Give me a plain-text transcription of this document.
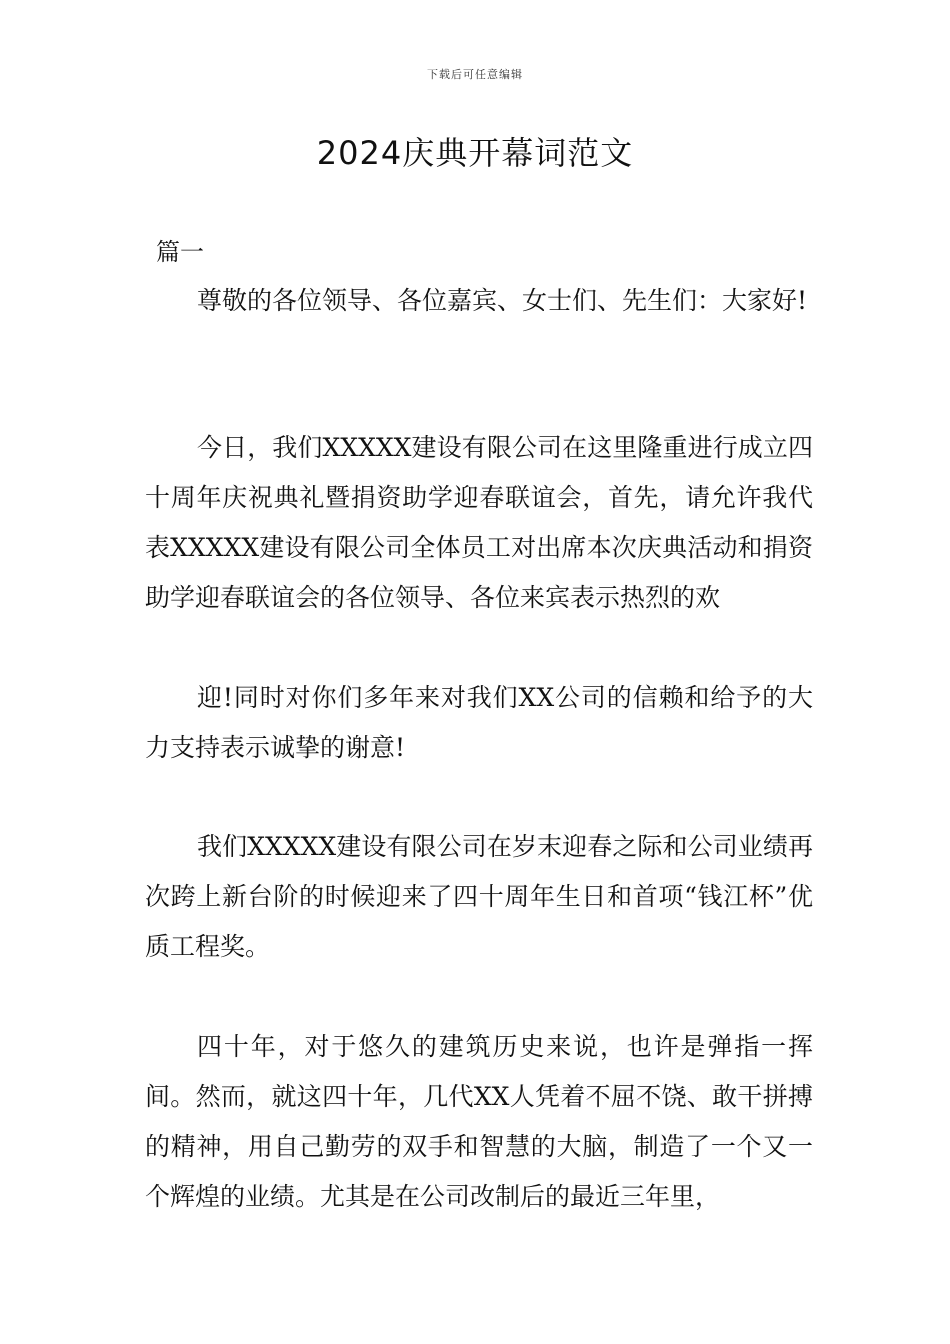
下载后可任意编辑
2024庆典开幕词范文
篇一

尊敬的各位领导、各位嘉宾、女士们、先生们：大家好!

今日，我们XXXXX建设有限公司在这里隆重进行成立四十周年庆祝典礼暨捐资助学迎春联谊会，首先，请允许我代表XXXXX建设有限公司全体员工对出席本次庆典活动和捐资助学迎春联谊会的各位领导、各位来宾表示热烈的欢

迎!同时对你们多年来对我们XX公司的信赖和给予的大力支持表示诚挚的谢意!

我们XXXXX建设有限公司在岁末迎春之际和公司业绩再次跨上新台阶的时候迎来了四十周年生日和首项“钱江杯”优质工程奖。

四十年，对于悠久的建筑历史来说，也许是弹指一挥间。然而，就这四十年，几代XX人凭着不屈不饶、敢干拼搏的精神，用自己勤劳的双手和智慧的大脑，制造了一个又一个辉煌的业绩。尤其是在公司改制后的最近三年里，
